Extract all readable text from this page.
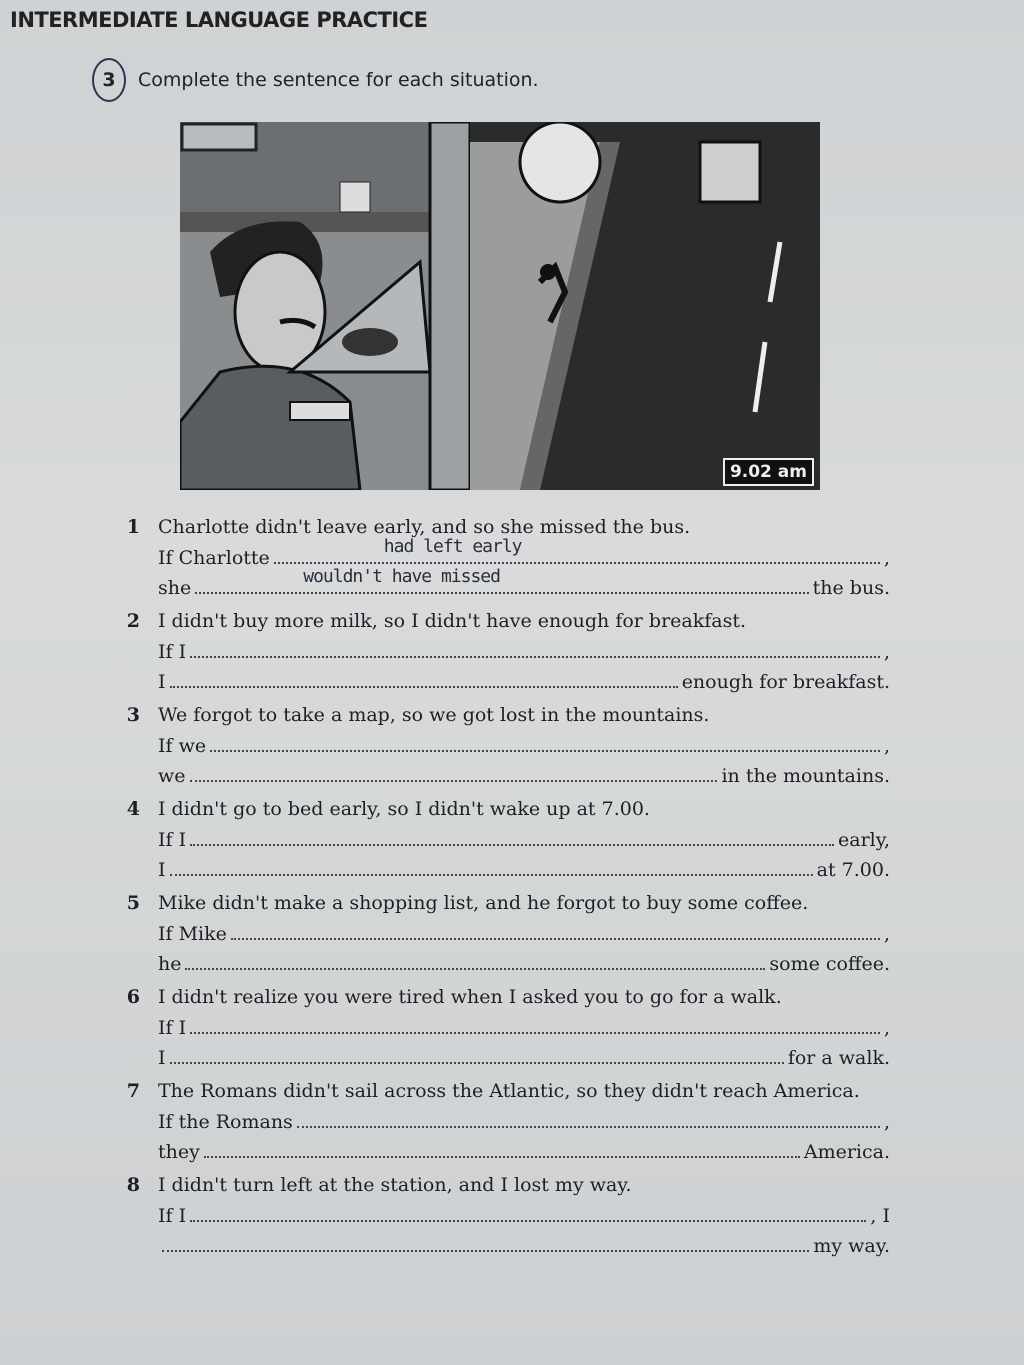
INTERMEDIATE LANGUAGE PRACTICE
3	Complete the sentence for each situation.
9.02 am
1 Charlotte didn't leave early, and so she missed the bus.
If Charlotte
had left early
,
she
wouldn't have missed
the bus.
2 I didn't buy more milk, so I didn't have enough for breakfast.
If I	,
I	enough for breakfast.
3 We forgot to take a map, so we got lost in the mountains.
If we	,
we	in the mountains.
4 I didn't go to bed early, so I didn't wake up at 7.00.
If I	early,
I	at 7.00.
5 Mike didn't make a shopping list, and he forgot to buy some coffee.
If Mike	,
he	some coffee.
6 I didn't realize you were tired when I asked you to go for a walk.
If I	,
I	for a walk.
7 The Romans didn't sail across the Atlantic, so they didn't reach America.
If the Romans	,
they	America.
8 I didn't turn left at the station, and I lost my way.
If I	, I
my way.
